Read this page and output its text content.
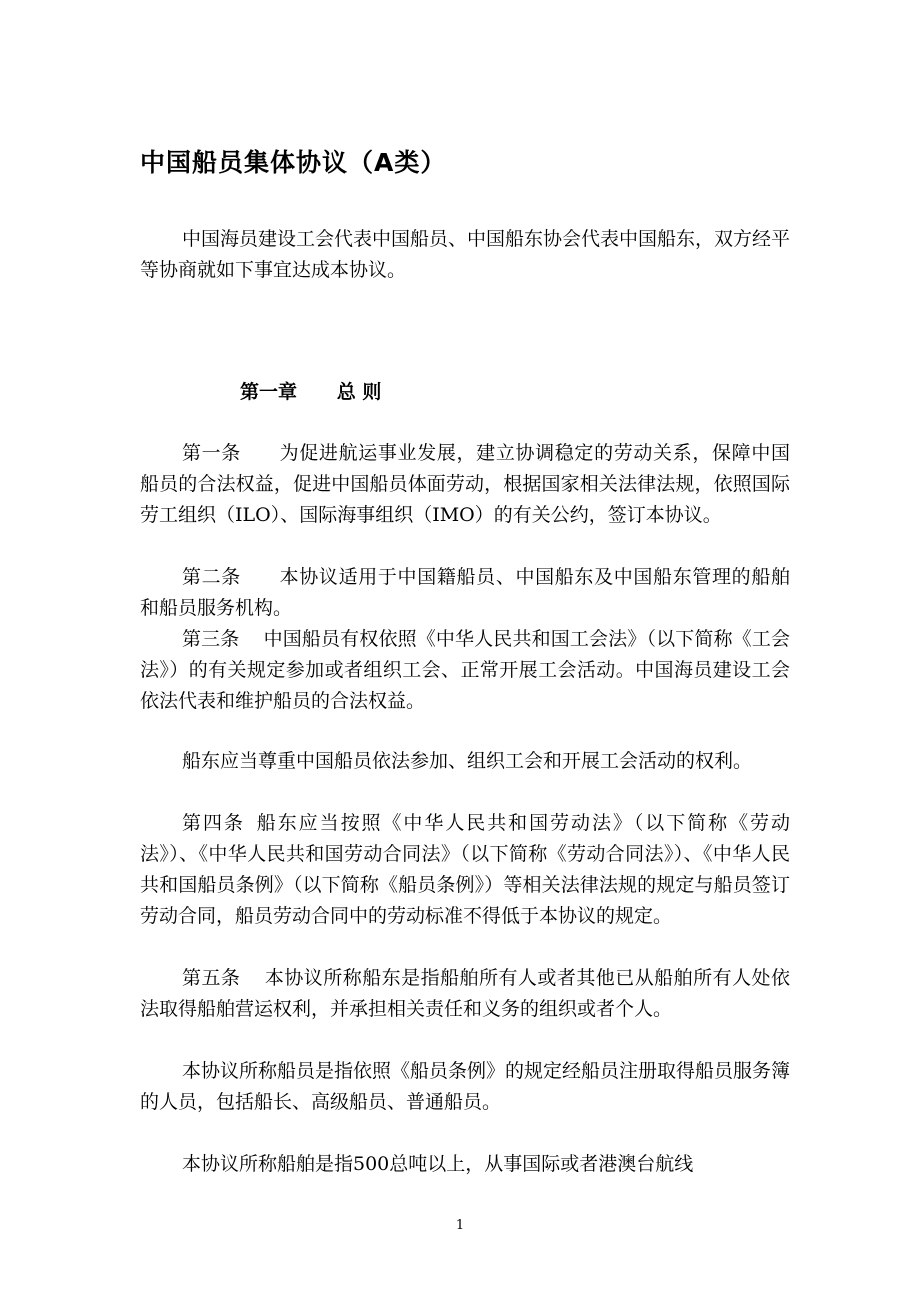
中国船员集体协议（A类）
中国海员建设工会代表中国船员、中国船东协会代表中国船东，双方经平等协商就如下事宜达成本协议。
第一章 总 则
第一条 为促进航运事业发展，建立协调稳定的劳动关系，保障中国船员的合法权益，促进中国船员体面劳动，根据国家相关法律法规，依照国际劳工组织（ILO）、国际海事组织（IMO）的有关公约，签订本协议。
第二条 本协议适用于中国籍船员、中国船东及中国船东管理的船舶和船员服务机构。
第三条 中国船员有权依照《中华人民共和国工会法》（以下简称《工会法》）的有关规定参加或者组织工会、正常开展工会活动。中国海员建设工会依法代表和维护船员的合法权益。
船东应当尊重中国船员依法参加、组织工会和开展工会活动的权利。
第四条 船东应当按照《中华人民共和国劳动法》（以下简称《劳动法》）、《中华人民共和国劳动合同法》（以下简称《劳动合同法》）、《中华人民共和国船员条例》（以下简称《船员条例》）等相关法律法规的规定与船员签订劳动合同，船员劳动合同中的劳动标准不得低于本协议的规定。
第五条 本协议所称船东是指船舶所有人或者其他已从船舶所有人处依法取得船舶营运权利，并承担相关责任和义务的组织或者个人。
本协议所称船员是指依照《船员条例》的规定经船员注册取得船员服务簿的人员，包括船长、高级船员、普通船员。
本协议所称船舶是指500总吨以上，从事国际或者港澳台航线
1
